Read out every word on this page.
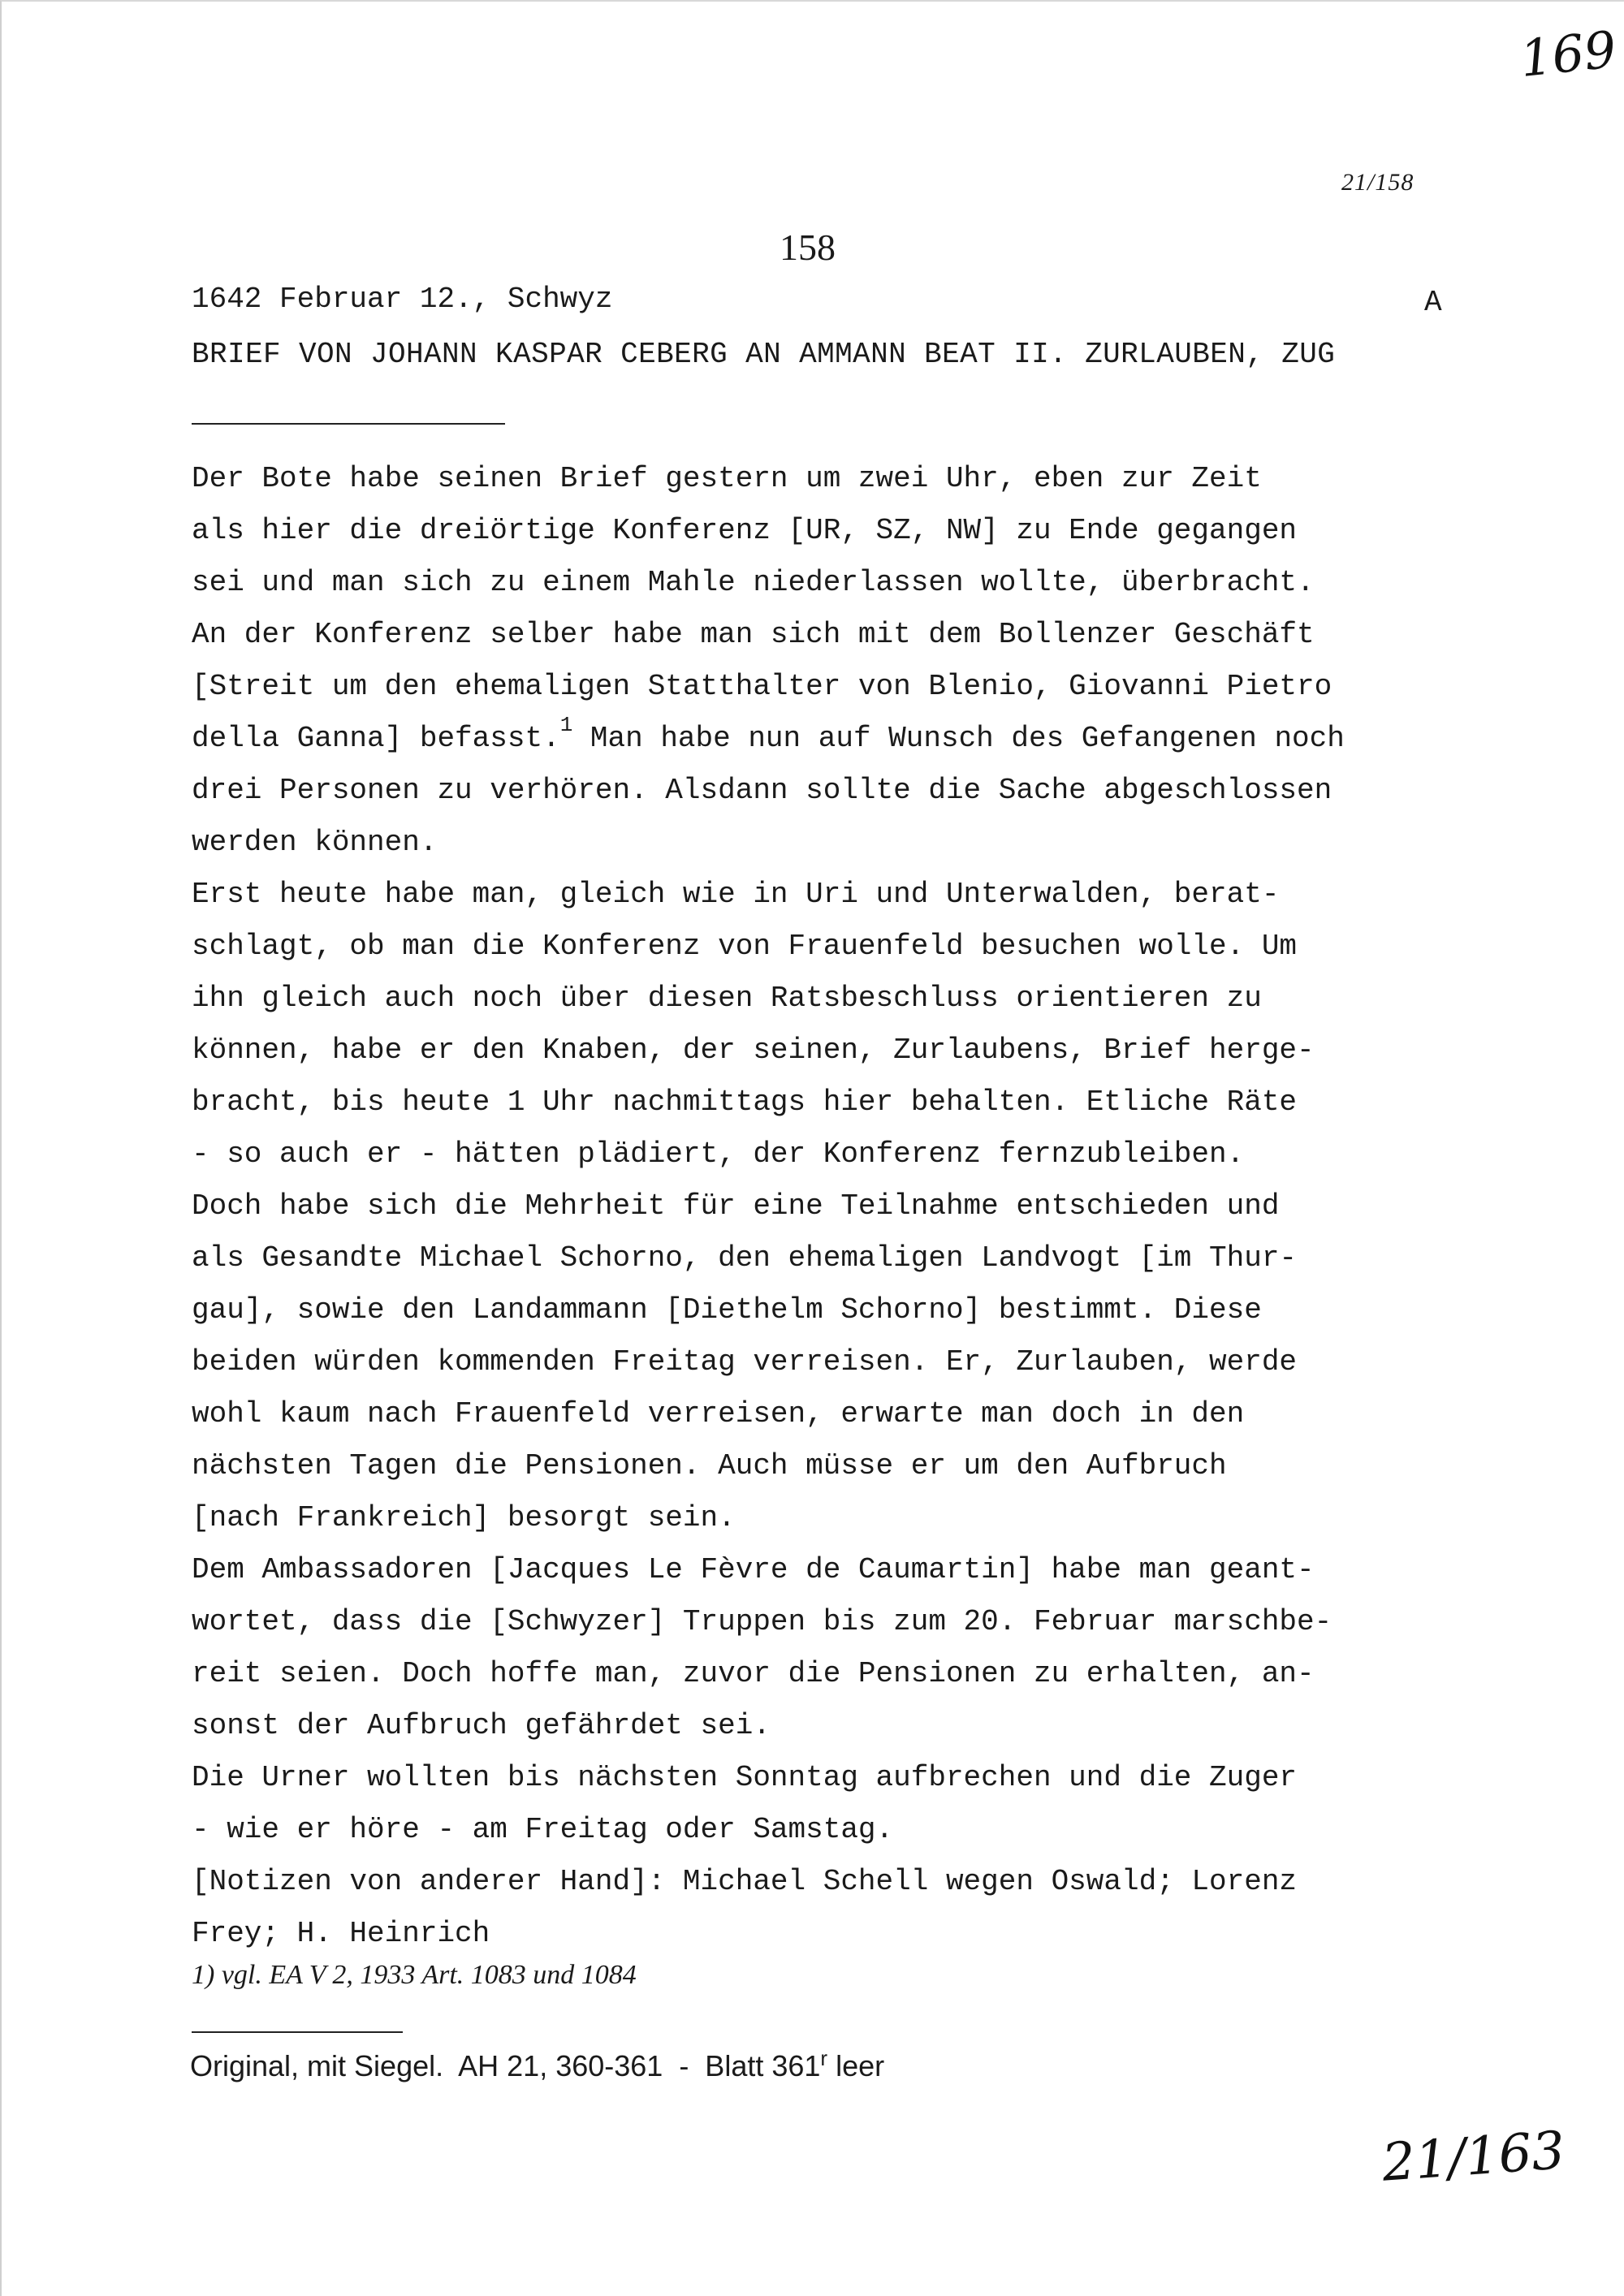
169
21/158
158
1642 Februar 12., Schwyz	A
BRIEF VON JOHANN KASPAR CEBERG AN AMMANN BEAT II. ZURLAUBEN, ZUG

Der Bote habe seinen Brief gestern um zwei Uhr, eben zur Zeit

als hier die dreiörtige Konferenz [UR, SZ, NW] zu Ende gegangen

sei und man sich zu einem Mahle niederlassen wollte, überbracht.

An der Konferenz selber habe man sich mit dem Bollenzer Geschäft

[Streit um den ehemaligen Statthalter von Blenio, Giovanni Pietro

della Ganna] befasst.$^1$ Man habe nun auf Wunsch des Gefangenen noch

drei Personen zu verhören. Alsdann sollte die Sache abgeschlossen

werden können.

Erst heute habe man, gleich wie in Uri und Unterwalden, berat-

schlagt, ob man die Konferenz von Frauenfeld besuchen wolle. Um

ihn gleich auch noch über diesen Ratsbeschluss orientieren zu

können, habe er den Knaben, der seinen, Zurlaubens, Brief herge-

bracht, bis heute 1 Uhr nachmittags hier behalten. Etliche Räte

- so auch er - hätten plädiert, der Konferenz fernzubleiben.

Doch habe sich die Mehrheit für eine Teilnahme entschieden und

als Gesandte Michael Schorno, den ehemaligen Landvogt [im Thur-

gau], sowie den Landammann [Diethelm Schorno] bestimmt. Diese

beiden würden kommenden Freitag verreisen. Er, Zurlauben, werde

wohl kaum nach Frauenfeld verreisen, erwarte man doch in den

nächsten Tagen die Pensionen. Auch müsse er um den Aufbruch

[nach Frankreich] besorgt sein.

Dem Ambassadoren [Jacques Le Fèvre de Caumartin] habe man geant-

wortet, dass die [Schwyzer] Truppen bis zum 20. Februar marschbe-

reit seien. Doch hoffe man, zuvor die Pensionen zu erhalten, an-

sonst der Aufbruch gefährdet sei.

Die Urner wollten bis nächsten Sonntag aufbrechen und die Zuger

- wie er höre - am Freitag oder Samstag.

[Notizen von anderer Hand]: Michael Schell wegen Oswald; Lorenz

Frey; H. Heinrich

1) vgl. EA V 2, 1933 Art. 1083 und 1084
Original, mit Siegel.  AH 21, 360-361  -  Blatt 361$^r$ leer
21/163
